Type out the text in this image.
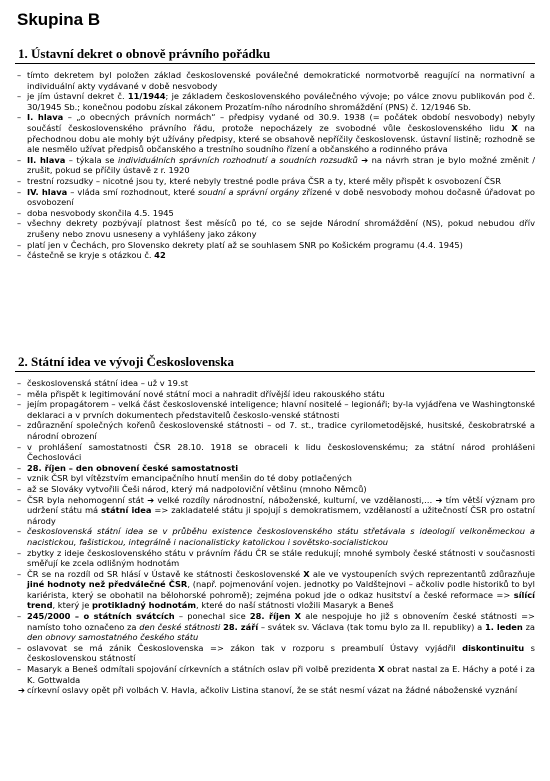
Skupina B
1. Ústavní dekret o obnově právního pořádku
– tímto dekretem byl položen základ československé poválečné demokratické normotvorbě reagující na normativní a individuální akty vydávané v době nesvobody
– je jím ústavní dekret č. 11/1944; je základem československého poválečného vývoje; po válce znovu publikován pod č. 30/1945 Sb.; konečnou podobu získal zákonem Prozatím-ního národního shromáždění (PNS) č. 12/1946 Sb.
– I. hlava – „o obecných právních normách“ – předpisy vydané od 30.9. 1938 (= počátek období nesvobody) nebyly součástí československého právního řádu, protože nepocházely ze svobodné vůle československého lidu X na přechodnou dobu ale mohly být užívány předpisy, které se obsahově nepříčily československ. ústavní listině; rozhodně se ale nesmělo užívat předpisů občanského a trestního soudního řízení a občanského a rodinného práva
– II. hlava – týkala se individuálních správních rozhodnutí a soudních rozsudků ➔ na návrh stran je bylo možné změnit / zrušit, pokud se příčily ústavě z r. 1920
– trestní rozsudky – nicotné jsou ty, které nebyly trestné podle práva ČSR a ty, které měly přispět k osvobození ČSR
– IV. hlava – vláda smí rozhodnout, které soudní a správní orgány zřízené v době nesvobody mohou dočasně úřadovat po osvobození
– doba nesvobody skončila 4.5. 1945
– všechny dekrety pozbývají platnost šest měsíců po té, co se sejde Národní shromáždění (NS), pokud nebudou dřív zrušeny nebo znovu usneseny a vyhlášeny jako zákony
– platí jen v Čechách, pro Slovensko dekrety platí až se souhlasem SNR po Košickém programu (4.4. 1945)
– částečně se kryje s otázkou č. 42
2. Státní idea ve vývoji Československa
– československá státní idea – už v 19.st
– měla přispět k legitimování nové státní moci a nahradit dřívější ideu rakouského státu
– jejím propagátorem – velká část československé inteligence; hlavní nositelé – legionáři; by-la vyjádřena ve Washingtonské deklaraci a v prvních dokumentech představitelů českoslo-venské státnosti
– zdůraznění společných kořenů československé státnosti – od 7. st., tradice cyrilometodějské, husitské, českobratrské a národní obrození
– v prohlášení samostatnosti ČSR 28.10. 1918 se obraceli k lidu československému; za státní národ prohlášeni Čechoslováci
– 28. říjen – den obnovení české samostatnosti
– vznik ČSR byl vítězstvím emancipačního hnutí menšin do té doby potlačených
– až se Slováky vytvořili Češi národ, který má nadpoloviční většinu (mnoho Němců)
– ČSR byla nehomogenní stát ➔ velké rozdíly národnostní, náboženské, kulturní, ve vzdělanosti,… ➔ tím větší význam pro udržení státu má státní idea => zakladatelé státu ji spojují s demokratismem, vzdělaností a užitečností ČSR pro ostatní národy
– československá státní idea se v průběhu existence československého státu střetávala s ideologií velkoněmeckou a nacistickou, fašistickou, integrálně i nacionalisticky katolickou i sovětsko-socialistickou
– zbytky z ideje československého státu v právním řádu ČR se stále redukují; mnohé symboly české státnosti v současnosti směřují ke zcela odlišným hodnotám
– ČR se na rozdíl od SR hlásí v Ústavě ke státnosti československé X ale ve vystoupeních svých reprezentantů zdůrazňuje jiné hodnoty než předválečné ČSR, (např. pojmenování vojen. jednotky po Valdštejnovi – ačkoliv podle historiků to byl kariérista, který se obohatil na bělohorské pohromě); zejména pokud jde o odkaz husitství a české reformace => sílící trend, který je protikladný hodnotám, které do naší státnosti vložili Masaryk a Beneš
– 245/2000 – o státních svátcích – ponechal sice 28. říjen X ale nespojuje ho již s obnovením české státnosti => namísto toho označeno za den české státnosti 28. září – svátek sv. Václava (tak tomu bylo za II. republiky) a 1. leden za den obnovy samostatného českého státu
– oslavovat se má zánik Československa => zákon tak v rozporu s preambulí Ústavy vyjádřil diskontinuitu s československou státností
– Masaryk a Beneš odmítali spojování církevních a státních oslav při volbě prezidenta X obrat nastal za E. Háchy a poté i za K. Gottwalda
➔ církevní oslavy opět při volbách V. Havla, ačkoliv Listina stanoví, že se stát nesmí vázat na žádné náboženské vyznání
